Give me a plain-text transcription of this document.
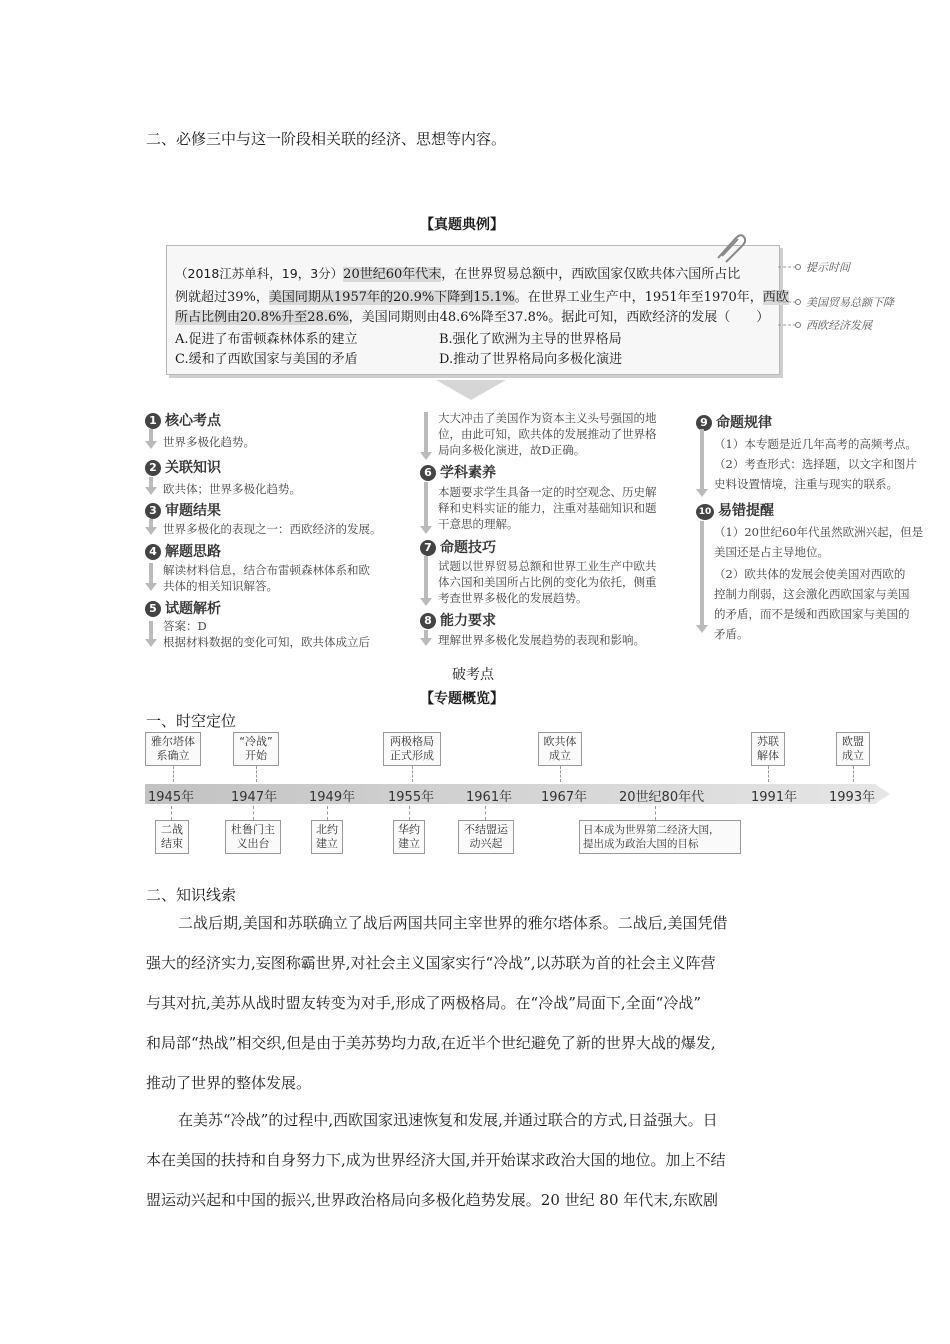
二、必修三中与这一阶段相关联的经济、思想等内容。
【真题典例】
（2018江苏单科，19，3分）20世纪60年代末，在世界贸易总额中，西欧国家仅欧共体六国所占比
例就超过39%，美国同期从1957年的20.9%下降到15.1%。在世界工业生产中，1951年至1970年，西欧
所占比例由20.8%升至28.6%，美国同期则由48.6%降至37.8%。据此可知，西欧经济的发展（　　）
A.促进了布雷顿森林体系的建立	B.强化了欧洲为主导的世界格局
C.缓和了西欧国家与美国的矛盾	D.推动了世界格局向多极化演进
提示时间
美国贸易总额下降
西欧经济发展
1 核心考点
世界多极化趋势。
2 关联知识
欧共体；世界多极化趋势。
3 审题结果
世界多极化的表现之一：西欧经济的发展。
4 解题思路
解读材料信息，结合布雷顿森林体系和欧
共体的相关知识解答。
5 试题解析
答案：D
根据材料数据的变化可知，欧共体成立后
大大冲击了美国作为资本主义头号强国的地
位，由此可知，欧共体的发展推动了世界格
局向多极化演进，故D正确。
6 学科素养
本题要求学生具备一定的时空观念、历史解
释和史料实证的能力，注重对基础知识和题
干意思的理解。
7 命题技巧
试题以世界贸易总额和世界工业生产中欧共
体六国和美国所占比例的变化为依托，侧重
考查世界多极化的发展趋势。
8 能力要求
理解世界多极化发展趋势的表现和影响。
9 命题规律
（1）本专题是近几年高考的高频考点。
（2）考查形式：选择题，以文字和图片
史料设置情境，注重与现实的联系。
10 易错提醒
（1）20世纪60年代虽然欧洲兴起，但是
美国还是占主导地位。
（2）欧共体的发展会使美国对西欧的
控制力削弱，这会激化西欧国家与美国
的矛盾，而不是缓和西欧国家与美国的
矛盾。
破考点
【专题概览】
一、时空定位
1945年	1947年 1949年	1955年 1961年 1967年 20世纪80年代	1991年 1993年
雅尔塔体
系确立
“冷战”
开始
两极格局
正式形成
欧共体
成立
苏联
解体
欧盟
成立
二战
结束
杜鲁门主
义出台
北约
建立
华约
建立
不结盟运
动兴起
日本成为世界第二经济大国，
提出成为政治大国的目标
二、知识线索
二战后期,美国和苏联确立了战后两国共同主宰世界的雅尔塔体系。二战后,美国凭借
强大的经济实力,妄图称霸世界,对社会主义国家实行“冷战”,以苏联为首的社会主义阵营
与其对抗,美苏从战时盟友转变为对手,形成了两极格局。在“冷战”局面下,全面“冷战”
和局部“热战”相交织,但是由于美苏势均力敌,在近半个世纪避免了新的世界大战的爆发,
推动了世界的整体发展。
在美苏“冷战”的过程中,西欧国家迅速恢复和发展,并通过联合的方式,日益强大。日
本在美国的扶持和自身努力下,成为世界经济大国,并开始谋求政治大国的地位。加上不结
盟运动兴起和中国的振兴,世界政治格局向多极化趋势发展。20 世纪 80 年代末,东欧剧
